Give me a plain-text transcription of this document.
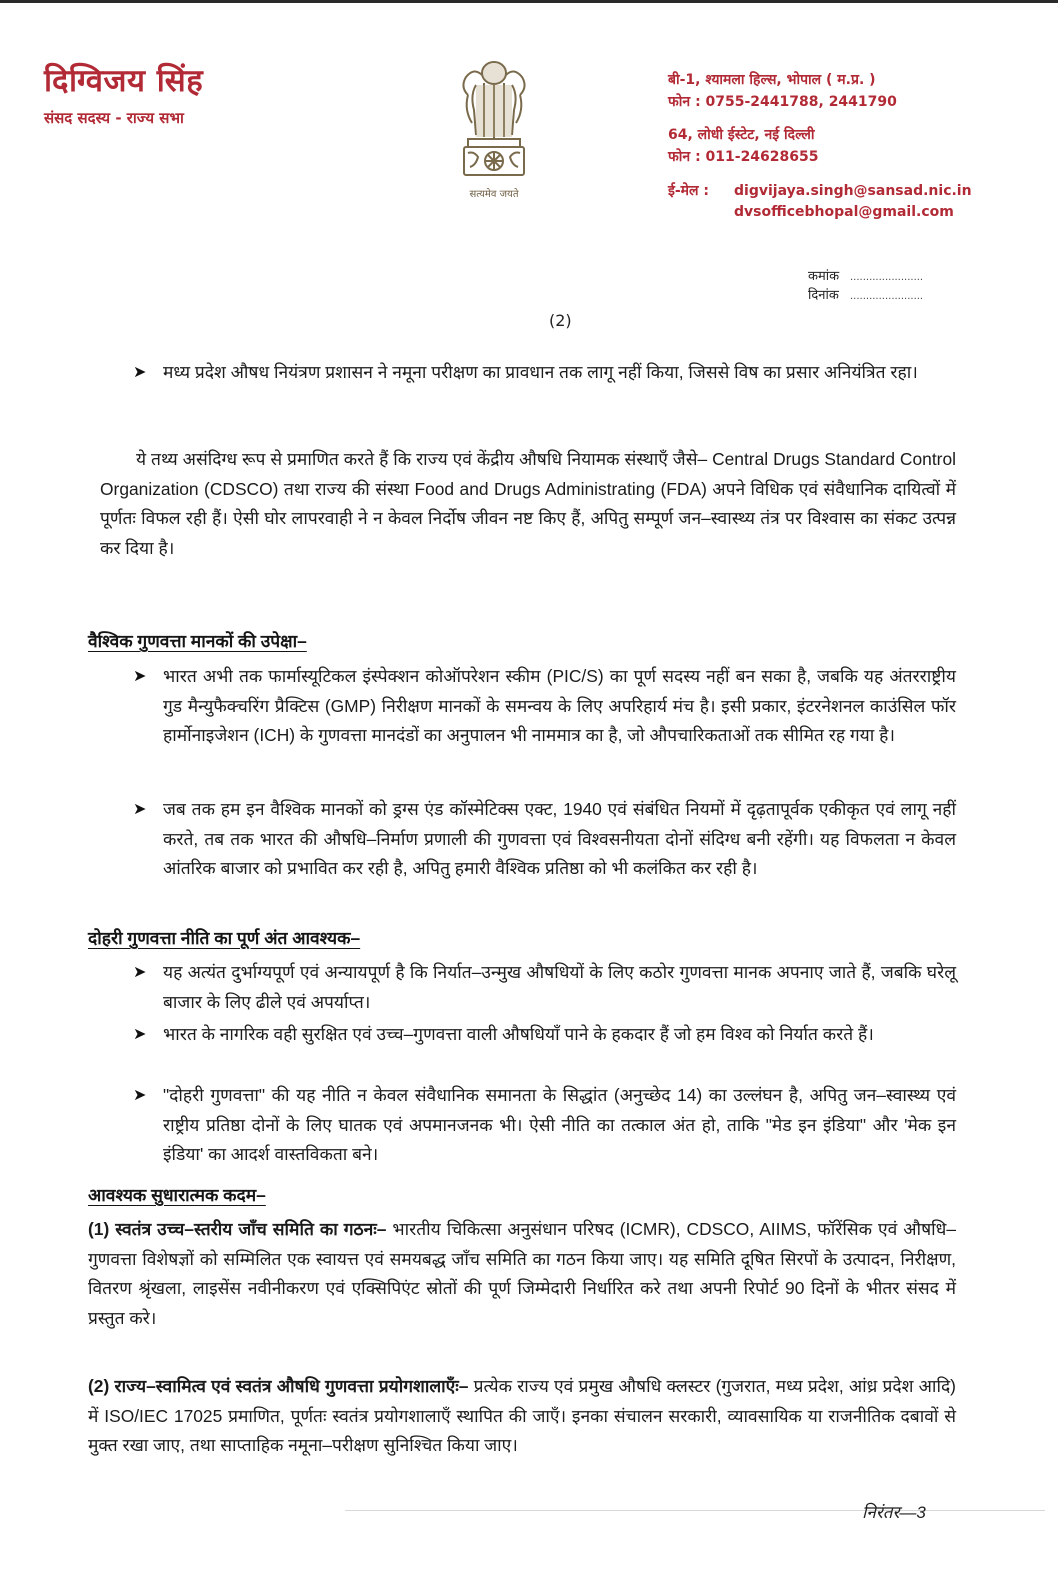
दिग्विजय सिंह
संसद सदस्य - राज्य सभा
सत्यमेव जयते
बी-1, श्यामला हिल्स, भोपाल ( म.प्र. )
फोन : 0755-2441788, 2441790
64, लोधी ईस्टेट, नई दिल्ली
फोन : 011-24628655
ई-मेल :	digvijaya.singh@sansad.nic.in
dvsofficebhopal@gmail.com
कमांक	.......................
दिनांक	.......................
(2)
➤ मध्य प्रदेश औषध नियंत्रण प्रशासन ने नमूना परीक्षण का प्रावधान तक लागू नहीं किया, जिससे विष का प्रसार अनियंत्रित रहा।
ये तथ्य असंदिग्ध रूप से प्रमाणित करते हैं कि राज्य एवं केंद्रीय औषधि नियामक संस्थाएँ जैसे– Central Drugs Standard Control Organization (CDSCO) तथा राज्य की संस्था Food and Drugs Administrating (FDA) अपने विधिक एवं संवैधानिक दायित्वों में पूर्णतः विफल रही हैं। ऐसी घोर लापरवाही ने न केवल निर्दोष जीवन नष्ट किए हैं, अपितु सम्पूर्ण जन–स्वास्थ्य तंत्र पर विश्वास का संकट उत्पन्न कर दिया है।
वैश्विक गुणवत्ता मानकों की उपेक्षा–
➤ भारत अभी तक फार्मास्यूटिकल इंस्पेक्शन कोऑपरेशन स्कीम (PIC/S) का पूर्ण सदस्य नहीं बन सका है, जबकि यह अंतरराष्ट्रीय गुड मैन्युफैक्चरिंग प्रैक्टिस (GMP) निरीक्षण मानकों के समन्वय के लिए अपरिहार्य मंच है। इसी प्रकार, इंटरनेशनल काउंसिल फॉर हार्मोनाइजेशन (ICH) के गुणवत्ता मानदंडों का अनुपालन भी नाममात्र का है, जो औपचारिकताओं तक सीमित रह गया है।
➤ जब तक हम इन वैश्विक मानकों को ड्रग्स एंड कॉस्मेटिक्स एक्ट, 1940 एवं संबंधित नियमों में दृढ़तापूर्वक एकीकृत एवं लागू नहीं करते, तब तक भारत की औषधि–निर्माण प्रणाली की गुणवत्ता एवं विश्वसनीयता दोनों संदिग्ध बनी रहेंगी। यह विफलता न केवल आंतरिक बाजार को प्रभावित कर रही है, अपितु हमारी वैश्विक प्रतिष्ठा को भी कलंकित कर रही है।
दोहरी गुणवत्ता नीति का पूर्ण अंत आवश्यक–
➤ यह अत्यंत दुर्भाग्यपूर्ण एवं अन्यायपूर्ण है कि निर्यात–उन्मुख औषधियों के लिए कठोर गुणवत्ता मानक अपनाए जाते हैं, जबकि घरेलू बाजार के लिए ढीले एवं अपर्याप्त।
➤ भारत के नागरिक वही सुरक्षित एवं उच्च–गुणवत्ता वाली औषधियाँ पाने के हकदार हैं जो हम विश्व को निर्यात करते हैं।
➤ "दोहरी गुणवत्ता" की यह नीति न केवल संवैधानिक समानता के सिद्धांत (अनुच्छेद 14) का उल्लंघन है, अपितु जन–स्वास्थ्य एवं राष्ट्रीय प्रतिष्ठा दोनों के लिए घातक एवं अपमानजनक भी। ऐसी नीति का तत्काल अंत हो, ताकि "मेड इन इंडिया" और 'मेक इन इंडिया' का आदर्श वास्तविकता बने।
आवश्यक सुधारात्मक कदम–
(1) स्वतंत्र उच्च–स्तरीय जाँच समिति का गठनः– भारतीय चिकित्सा अनुसंधान परिषद (ICMR), CDSCO, AIIMS, फॉरेंसिक एवं औषधि–गुणवत्ता विशेषज्ञों को सम्मिलित एक स्वायत्त एवं समयबद्ध जाँच समिति का गठन किया जाए। यह समिति दूषित सिरपों के उत्पादन, निरीक्षण, वितरण श्रृंखला, लाइसेंस नवीनीकरण एवं एक्सिपिएंट स्रोतों की पूर्ण जिम्मेदारी निर्धारित करे तथा अपनी रिपोर्ट 90 दिनों के भीतर संसद में प्रस्तुत करे।
(2) राज्य–स्वामित्व एवं स्वतंत्र औषधि गुणवत्ता प्रयोगशालाएँः– प्रत्येक राज्य एवं प्रमुख औषधि क्लस्टर (गुजरात, मध्य प्रदेश, आंध्र प्रदेश आदि) में ISO/IEC 17025 प्रमाणित, पूर्णतः स्वतंत्र प्रयोगशालाएँ स्थापित की जाएँ। इनका संचालन सरकारी, व्यावसायिक या राजनीतिक दबावों से मुक्त रखा जाए, तथा साप्ताहिक नमूना–परीक्षण सुनिश्चित किया जाए।
निरंतर—3
